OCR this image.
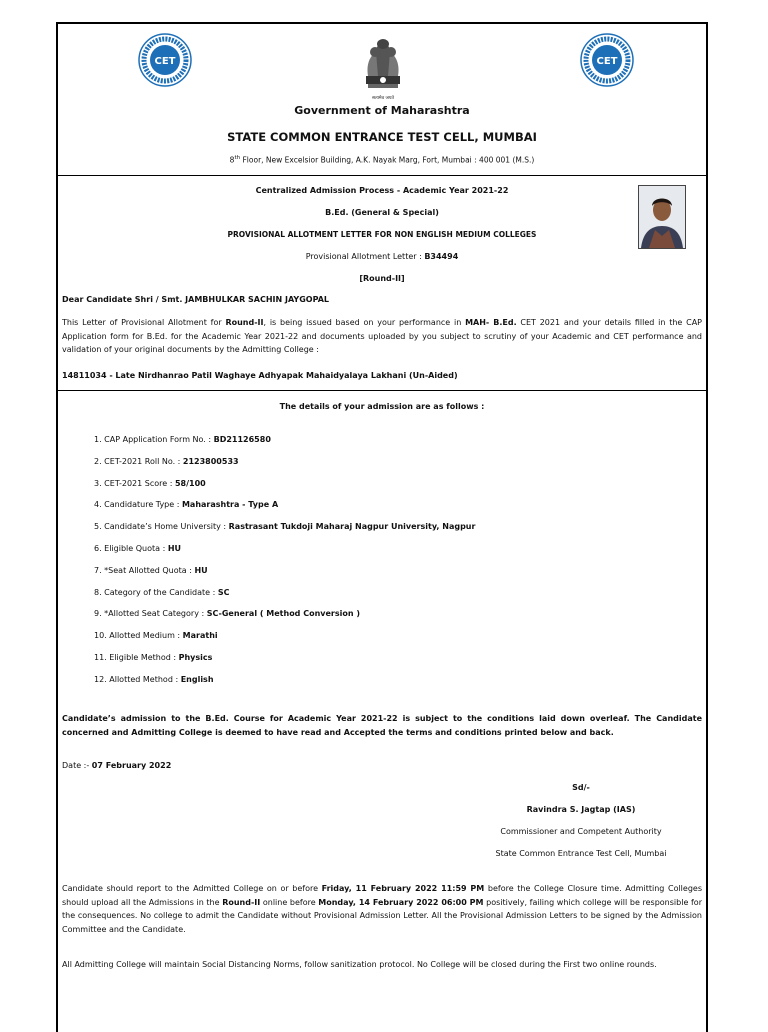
CET
सत्यमेव जयते
CET
Government of Maharashtra
STATE COMMON ENTRANCE TEST CELL, MUMBAI
8th Floor, New Excelsior Building, A.K. Nayak Marg, Fort, Mumbai : 400 001 (M.S.)
Centralized Admission Process - Academic Year 2021-22
B.Ed. (General & Special)
PROVISIONAL ALLOTMENT LETTER FOR NON ENGLISH MEDIUM COLLEGES
Provisional Allotment Letter : B34494
[Round-II]
Dear Candidate Shri / Smt. JAMBHULKAR SACHIN JAYGOPAL
This Letter of Provisional Allotment for Round-II, is being issued based on your performance in MAH- B.Ed. CET 2021 and your details filled in the CAP Application form for B.Ed. for the Academic Year 2021-22 and documents uploaded by you subject to scrutiny of your Academic and CET performance and validation of your original documents by the Admitting College :
14811034 - Late Nirdhanrao Patil Waghaye Adhyapak Mahaidyalaya Lakhani (Un-Aided)
The details of your admission are as follows :
1. CAP Application Form No. : BD21126580
2. CET-2021 Roll No. : 2123800533
3. CET-2021 Score : 58/100
4. Candidature Type : Maharashtra - Type A
5. Candidate’s Home University : Rastrasant Tukdoji Maharaj Nagpur University, Nagpur
6. Eligible Quota : HU
7. *Seat Allotted Quota : HU
8. Category of the Candidate : SC
9. *Allotted Seat Category : SC-General ( Method Conversion )
10. Allotted Medium : Marathi
11. Eligible Method : Physics
12. Allotted Method : English
Candidate’s admission to the B.Ed. Course for Academic Year 2021-22 is subject to the conditions laid down overleaf. The Candidate concerned and Admitting College is deemed to have read and Accepted the terms and conditions printed below and back.
Date :- 07 February 2022
Sd/-
Ravindra S. Jagtap (IAS)
Commissioner and Competent Authority
State Common Entrance Test Cell, Mumbai
Candidate should report to the Admitted College on or before Friday, 11 February 2022 11:59 PM before the College Closure time. Admitting Colleges should upload all the Admissions in the Round-II online before Monday, 14 February 2022 06:00 PM positively, failing which college will be responsible for the consequences. No college to admit the Candidate without Provisional Admission Letter. All the Provisional Admission Letters to be signed by the Admission Committee and the Candidate.
All Admitting College will maintain Social Distancing Norms, follow sanitization protocol. No College will be closed during the First two online rounds.
